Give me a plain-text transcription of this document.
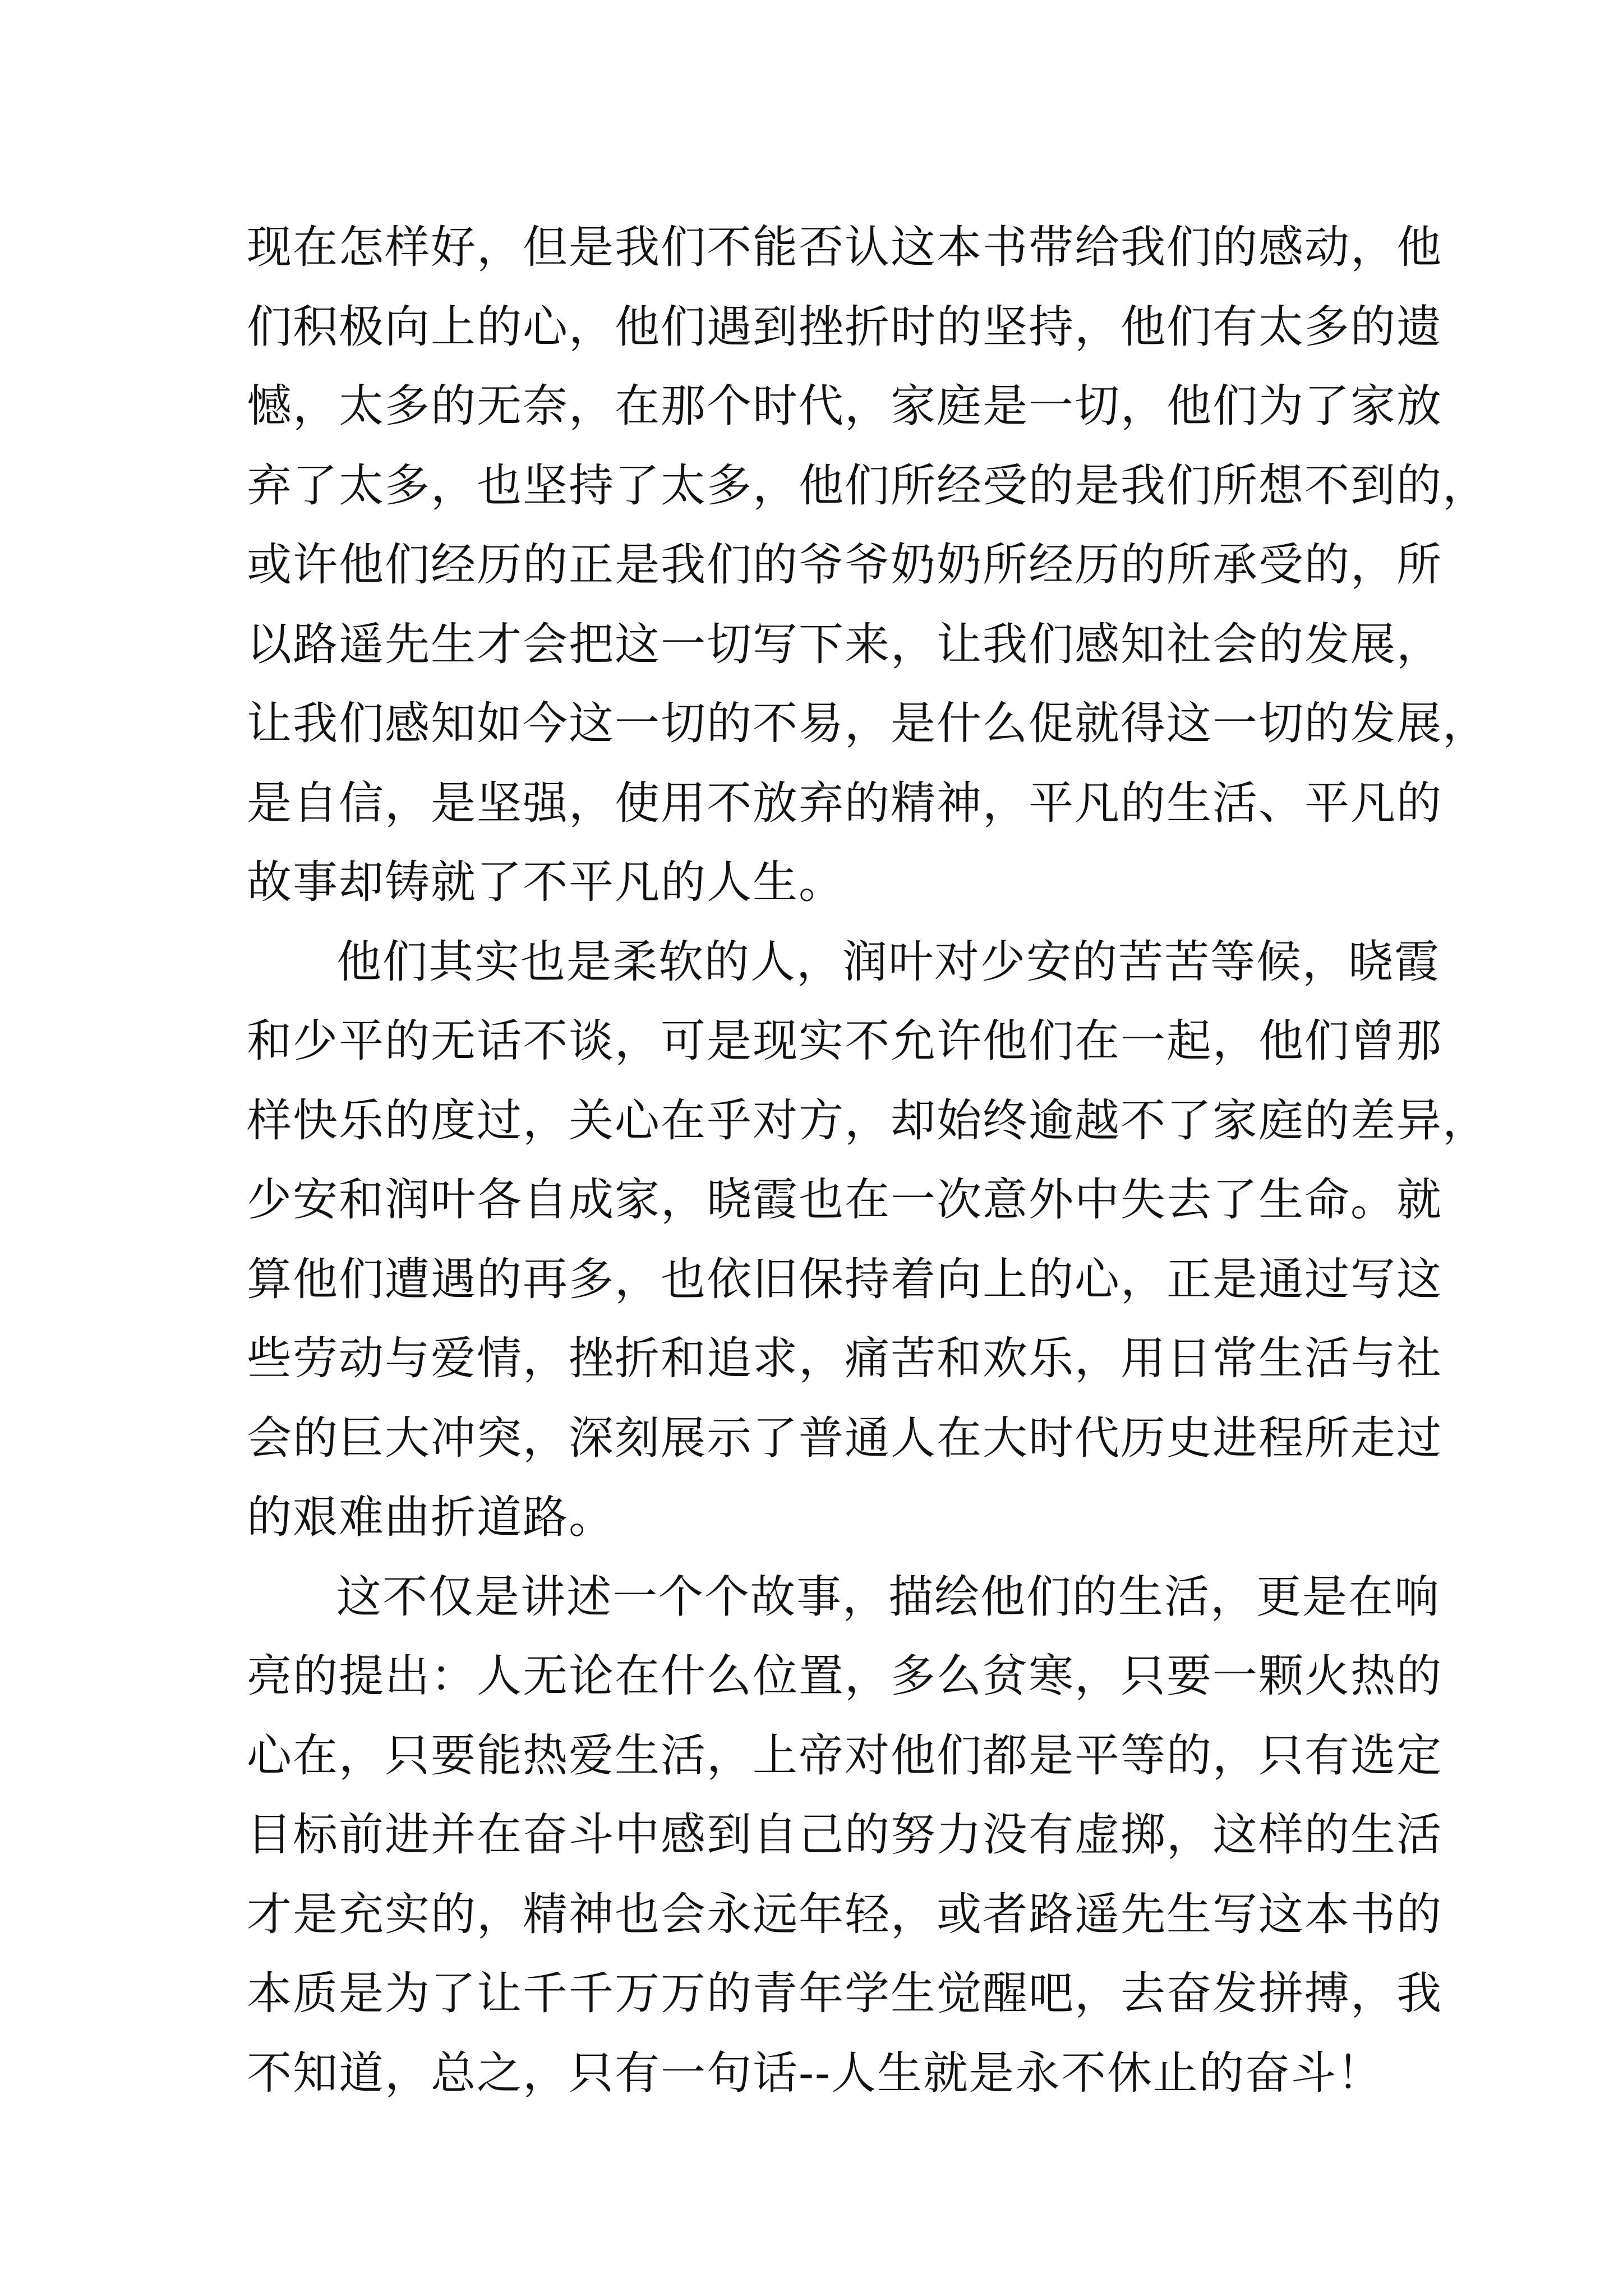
现在怎样好，但是我们不能否认这本书带给我们的感动，他
们积极向上的心，他们遇到挫折时的坚持，他们有太多的遗
憾，太多的无奈，在那个时代，家庭是一切，他们为了家放
弃了太多，也坚持了太多，他们所经受的是我们所想不到的，
或许他们经历的正是我们的爷爷奶奶所经历的所承受的，所
以路遥先生才会把这一切写下来，让我们感知社会的发展，
让我们感知如今这一切的不易，是什么促就得这一切的发展，
是自信，是坚强，使用不放弃的精神，平凡的生活、平凡的
故事却铸就了不平凡的人生。
他们其实也是柔软的人，润叶对少安的苦苦等候，晓霞
和少平的无话不谈，可是现实不允许他们在一起，他们曾那
样快乐的度过，关心在乎对方，却始终逾越不了家庭的差异，
少安和润叶各自成家，晓霞也在一次意外中失去了生命。就
算他们遭遇的再多，也依旧保持着向上的心，正是通过写这
些劳动与爱情，挫折和追求，痛苦和欢乐，用日常生活与社
会的巨大冲突，深刻展示了普通人在大时代历史进程所走过
的艰难曲折道路。
这不仅是讲述一个个故事，描绘他们的生活，更是在响
亮的提出：人无论在什么位置，多么贫寒，只要一颗火热的
心在，只要能热爱生活，上帝对他们都是平等的，只有选定
目标前进并在奋斗中感到自己的努力没有虚掷，这样的生活
才是充实的，精神也会永远年轻，或者路遥先生写这本书的
本质是为了让千千万万的青年学生觉醒吧，去奋发拼搏，我
不知道，总之，只有一句话--人生就是永不休止的奋斗！
